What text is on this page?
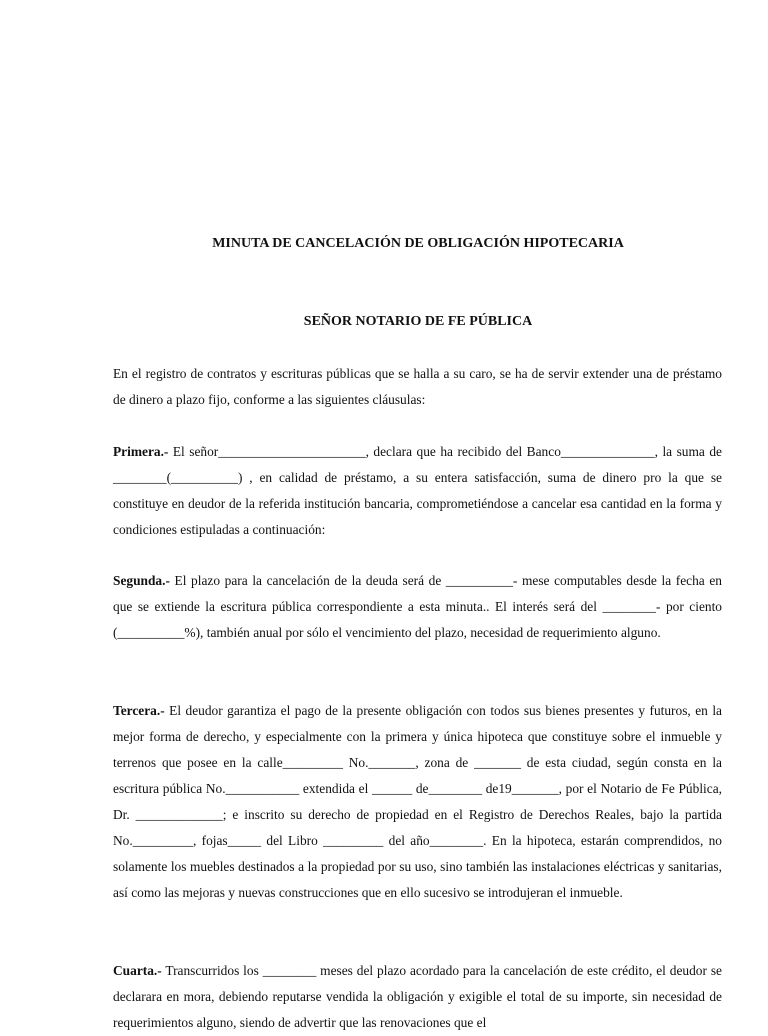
MINUTA DE CANCELACIÓN DE OBLIGACIÓN HIPOTECARIA
SEÑOR NOTARIO DE FE PÚBLICA

En el registro de contratos y escrituras públicas que se halla a su caro, se ha de servir extender una de préstamo de dinero a plazo fijo, conforme a las siguientes cláusulas:

Primera.- El señor______________________, declara que ha recibido del Banco______________, la suma de ________(__________) , en calidad de préstamo, a su entera satisfacción, suma de dinero pro la que se constituye en deudor de la referida institución bancaria, comprometiéndose a cancelar esa cantidad en la forma y condiciones estipuladas a continuación:

Segunda.- El plazo para la cancelación de la deuda será de __________- mese computables desde la fecha en que se extiende la escritura pública correspondiente a esta minuta.. El interés será del ________- por ciento (__________%), también anual por sólo el vencimiento del plazo, necesidad de requerimiento alguno.

Tercera.- El deudor garantiza el pago de la presente obligación con todos sus bienes presentes y futuros, en la mejor forma de derecho, y especialmente con la primera y única hipoteca que constituye sobre el inmueble y terrenos que posee en la calle_________ No._______, zona de _______ de esta ciudad, según consta en la escritura pública No.___________ extendida el ______ de________ de19_______, por el Notario de Fe Pública, Dr. _____________; e inscrito su derecho de propiedad en el Registro de Derechos Reales, bajo la partida No._________, fojas_____ del Libro _________ del año________. En la hipoteca, estarán comprendidos, no solamente los muebles destinados a la propiedad por su uso, sino también las instalaciones eléctricas y sanitarias, así como las mejoras y nuevas construcciones que en ello sucesivo se introdujeran el inmueble.

Cuarta.- Transcurridos los ________ meses del plazo acordado para la cancelación de este crédito, el deudor se declarara en mora, debiendo reputarse vendida la obligación y exigible el total de su importe, sin necesidad de requerimientos alguno, siendo de advertir que las renovaciones que el
